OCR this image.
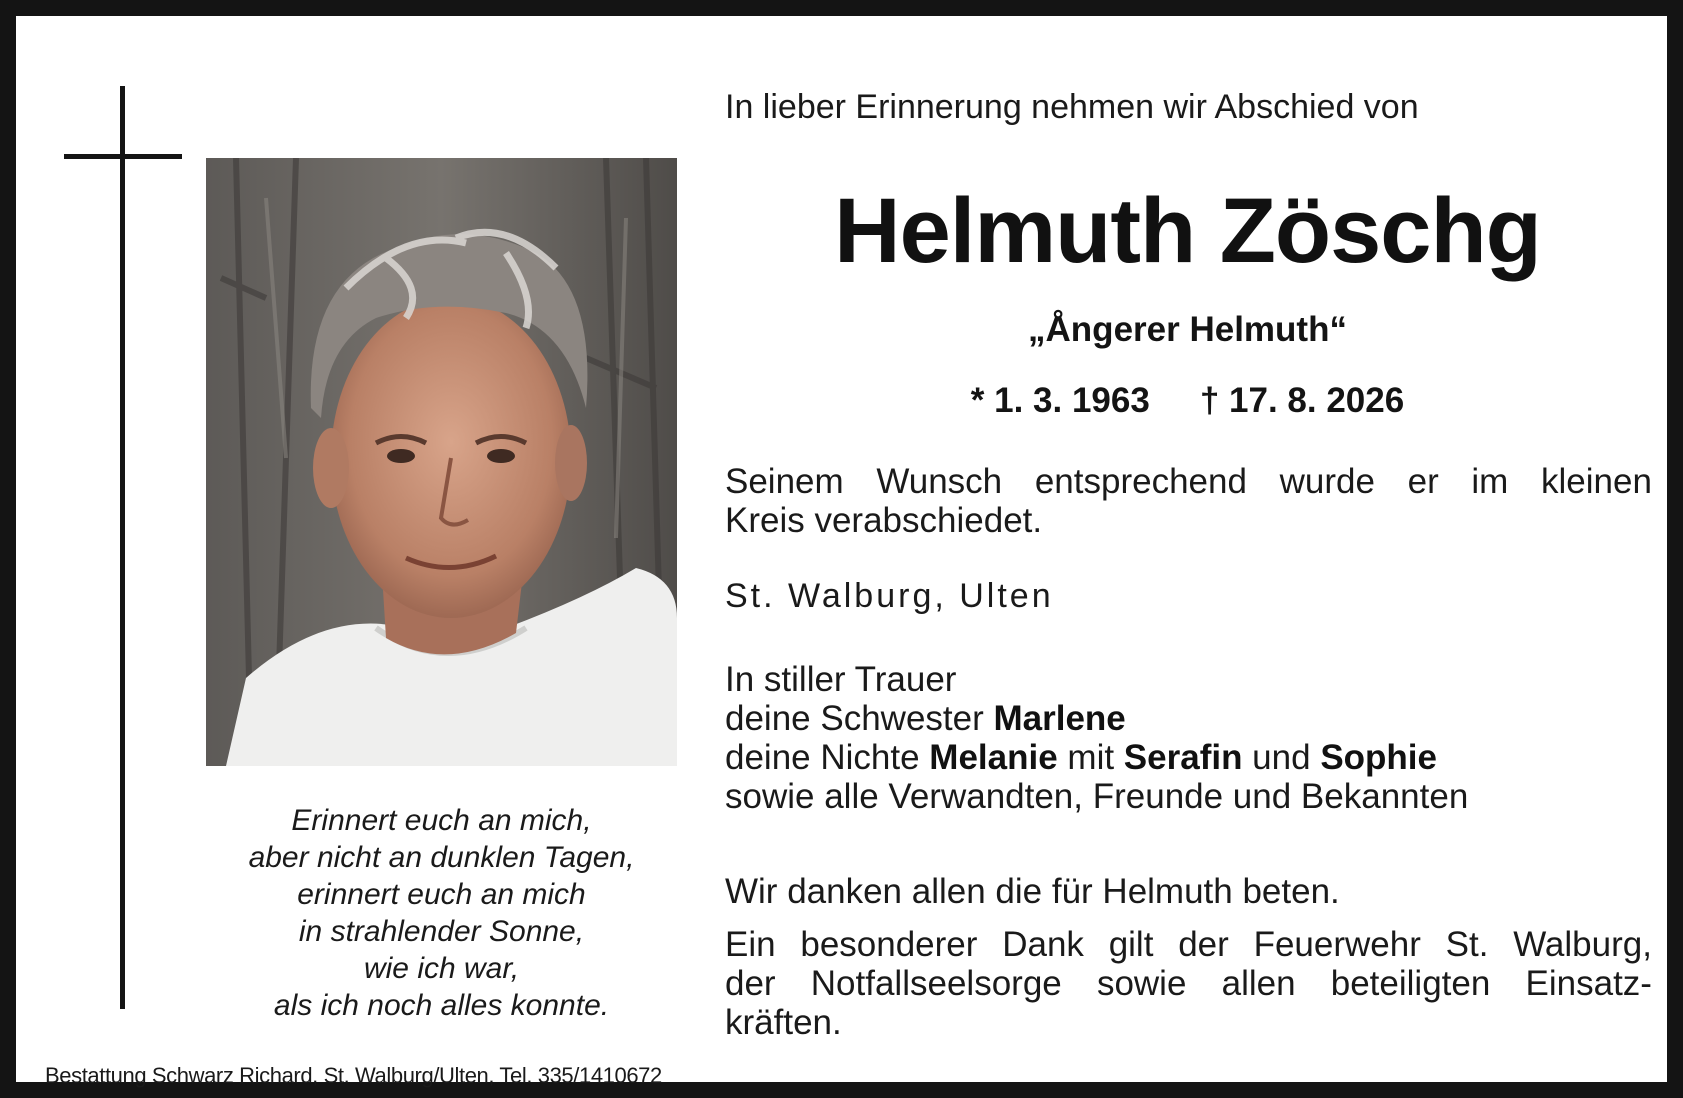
Erinnert euch an mich,
aber nicht an dunklen Tagen,
erinnert euch an mich
in strahlender Sonne,
wie ich war,
als ich noch alles konnte.
Bestattung Schwarz Richard, St. Walburg/Ulten, Tel. 335/1410672
In lieber Erinnerung nehmen wir Abschied von
Helmuth Zöschg
„Ångerer Helmuth“
* 1. 3. 1963 † 17. 8. 2026
Seinem Wunsch entsprechend wurde er im kleinen
Kreis verabschiedet.
St. Walburg, Ulten
In stiller Trauer
deine Schwester Marlene
deine Nichte Melanie mit Serafin und Sophie
sowie alle Verwandten, Freunde und Bekannten
Wir danken allen die für Helmuth beten.
Ein besonderer Dank gilt der Feuerwehr St. Walburg,
der Notfallseelsorge sowie allen beteiligten Einsatz-
kräften.
